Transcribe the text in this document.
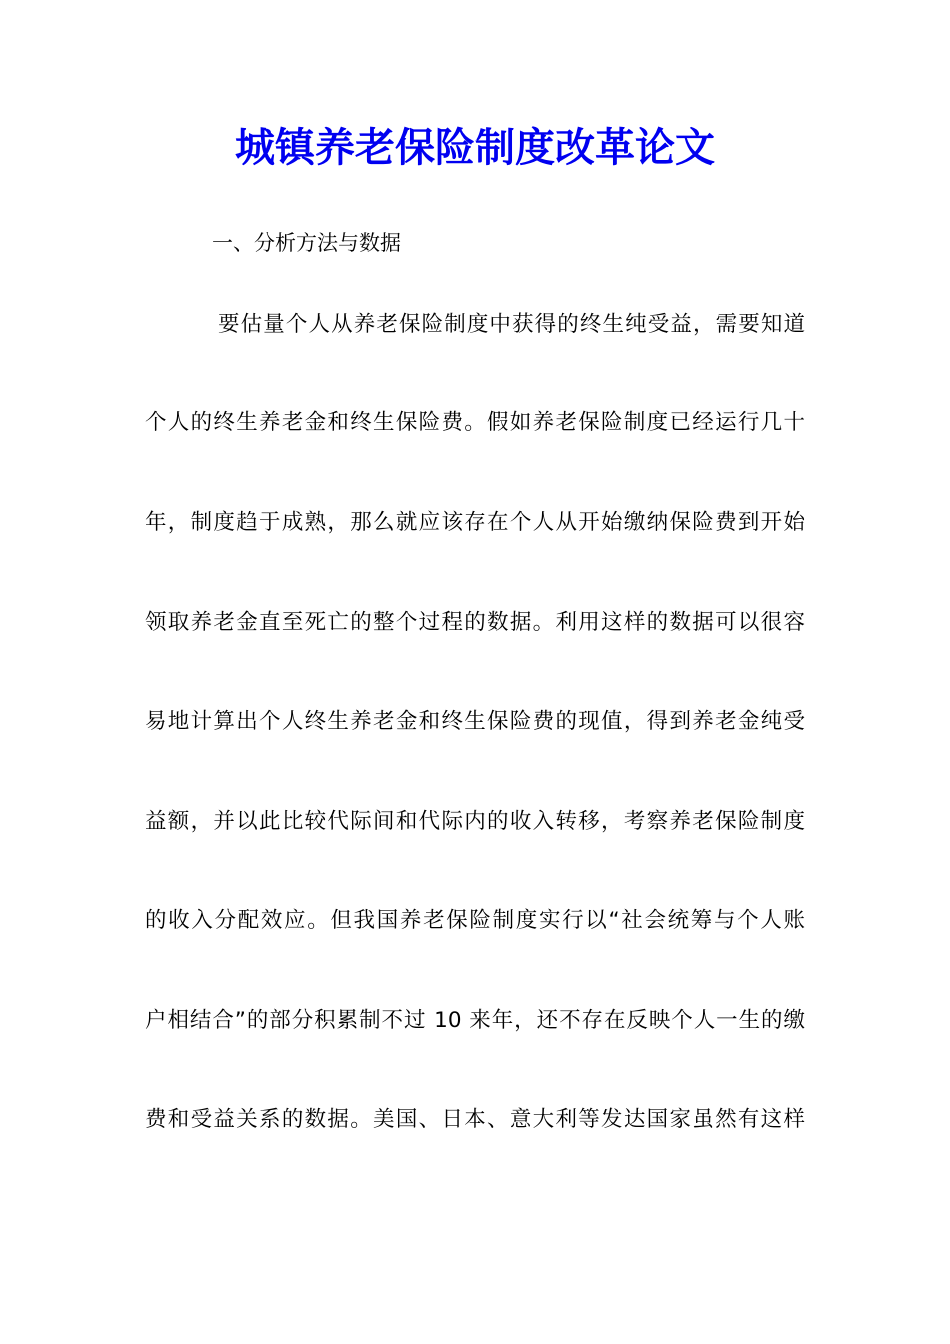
城镇养老保险制度改革论文
一、分析方法与数据
要估量个人从养老保险制度中获得的终生纯受益，需要知道
个人的终生养老金和终生保险费。假如养老保险制度已经运行几十
年，制度趋于成熟，那么就应该存在个人从开始缴纳保险费到开始
领取养老金直至死亡的整个过程的数据。利用这样的数据可以很容
易地计算出个人终生养老金和终生保险费的现值，得到养老金纯受
益额，并以此比较代际间和代际内的收入转移，考察养老保险制度
的收入分配效应。但我国养老保险制度实行以“社会统筹与个人账
户相结合”的部分积累制不过 10 来年，还不存在反映个人一生的缴
费和受益关系的数据。美国、日本、意大利等发达国家虽然有这样
